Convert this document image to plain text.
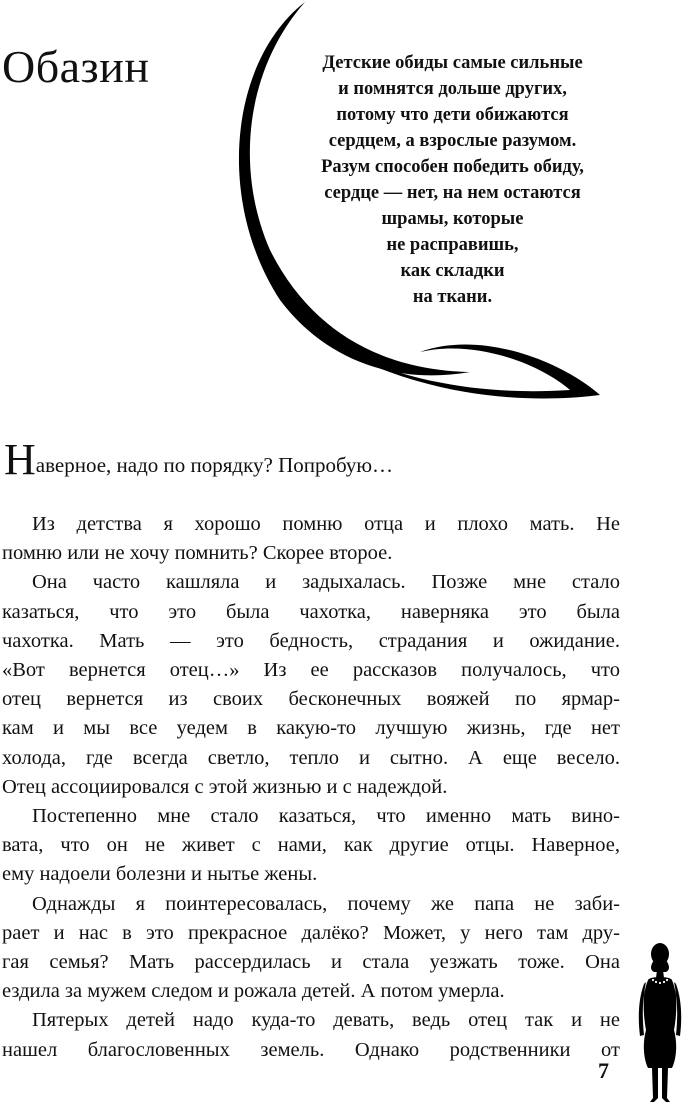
Обазин	Детские обиды самые сильные
и помнятся дольше других,
потому что дети обижаются
сердцем, а взрослые разумом.
Разум способен победить обиду,
сердце — нет, на нем остаются
шрамы, которые
не расправишь,
как складки
на ткани.

Наверное, надо по порядку? Попробую…

Из детства я хорошо помню отца и плохо мать. Не
помню или не хочу помнить? Скорее второе.
Она часто кашляла и задыхалась. Позже мне стало
казаться, что это была чахотка, наверняка это была
чахотка. Мать — это бедность, страдания и ожидание.
«Вот вернется отец…» Из ее рассказов получалось, что
отец вернется из своих бесконечных вояжей по ярмар-
кам и мы все уедем в какую-то лучшую жизнь, где нет
холода, где всегда светло, тепло и сытно. А еще весело.
Отец ассоциировался с этой жизнью и с надеждой.
Постепенно мне стало казаться, что именно мать вино-
вата, что он не живет с нами, как другие отцы. Наверное,
ему надоели болезни и нытье жены.
Однажды я поинтересовалась, почему же папа не заби-
рает и нас в это прекрасное далёко? Может, у него там дру-
гая семья? Мать рассердилась и стала уезжать тоже. Она
ездила за мужем следом и рожала детей. А потом умерла.
Пятерых детей надо куда-то девать, ведь отец так и не
нашел благословенных земель. Однако родственники от

7
